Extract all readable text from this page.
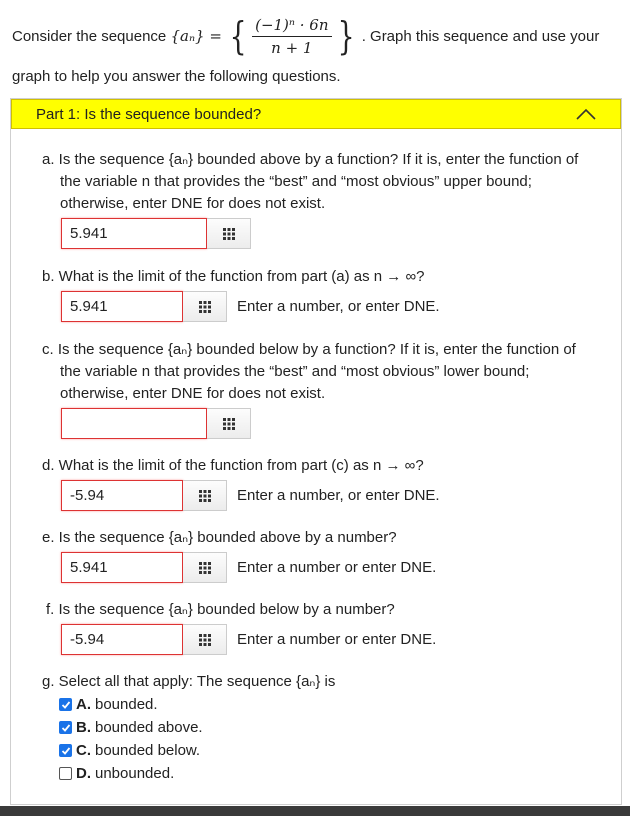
Consider the sequence
{aₙ} = { $\frac{\text{(−1)ⁿ · 6n}}{n + 1}$ } . Graph this sequence and use your
graph to help you answer the following questions.
Part 1: Is the sequence bounded?
a. Is the sequence {aₙ} bounded above by a function? If it is, enter the function of the variable n that provides the “best” and “most obvious” upper bound; otherwise, enter DNE for does not exist.
5.941
b. What is the limit of the function from part (a) as n → ∞?
5.941	Enter a number, or enter DNE.
c. Is the sequence {aₙ} bounded below by a function? If it is, enter the function of the variable n that provides the “best” and “most obvious” lower bound; otherwise, enter DNE for does not exist.
d. What is the limit of the function from part (c) as n → ∞?
-5.94	Enter a number, or enter DNE.
e. Is the sequence {aₙ} bounded above by a number?
5.941	Enter a number or enter DNE.
f. Is the sequence {aₙ} bounded below by a number?
-5.94	Enter a number or enter DNE.
g. Select all that apply: The sequence {aₙ} is
A. bounded.
B. bounded above.
C. bounded below.
D. unbounded.
